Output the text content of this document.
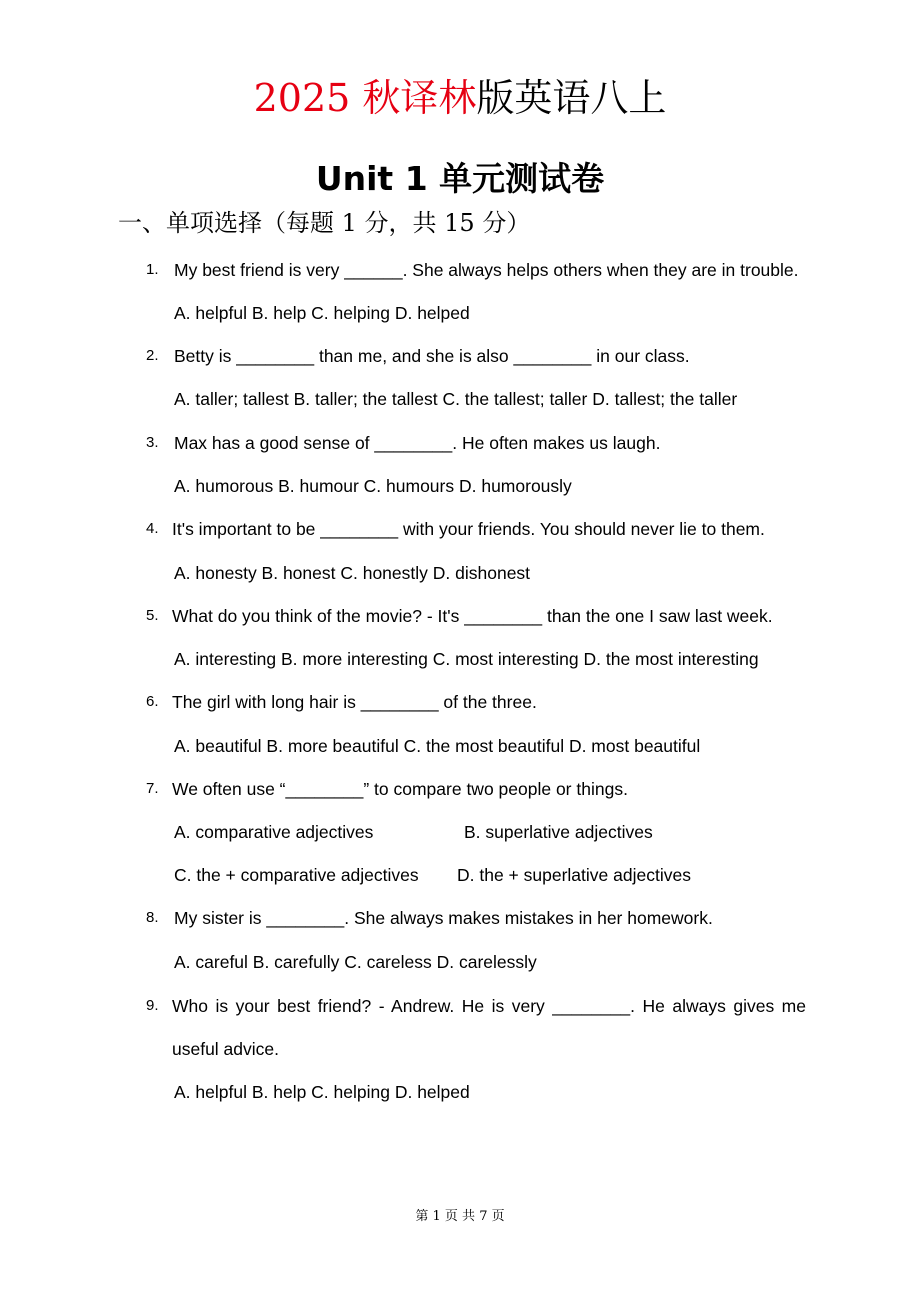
2025 秋译林版英语八上
Unit 1 单元测试卷
一、单项选择（每题 1 分，共 15 分）
1. My best friend is very ______. She always helps others when they are in trouble.
A. helpful B. help C. helping D. helped
2. Betty is ________ than me, and she is also ________ in our class.
A. taller; tallest B. taller; the tallest C. the tallest; taller D. tallest; the taller
3. Max has a good sense of ________. He often makes us laugh.
A. humorous B. humour C. humours D. humorously
4. It's important to be ________ with your friends. You should never lie to them.
A. honesty B. honest C. honestly D. dishonest
5. What do you think of the movie? - It's ________ than the one I saw last week.
A. interesting B. more interesting C. most interesting D. the most interesting
6. The girl with long hair is ________ of the three.
A. beautiful B. more beautiful C. the most beautiful D. most beautiful
7. We often use “________” to compare two people or things.
A. comparative adjectives	B. superlative adjectives
C. the + comparative adjectives D. the + superlative adjectives
8. My sister is ________. She always makes mistakes in her homework.
A. careful B. carefully C. careless D. carelessly
9. Who is your best friend? - Andrew. He is very ________. He always gives me useful advice.
A. helpful B. help C. helping D. helped
第 1 页 共 7 页
